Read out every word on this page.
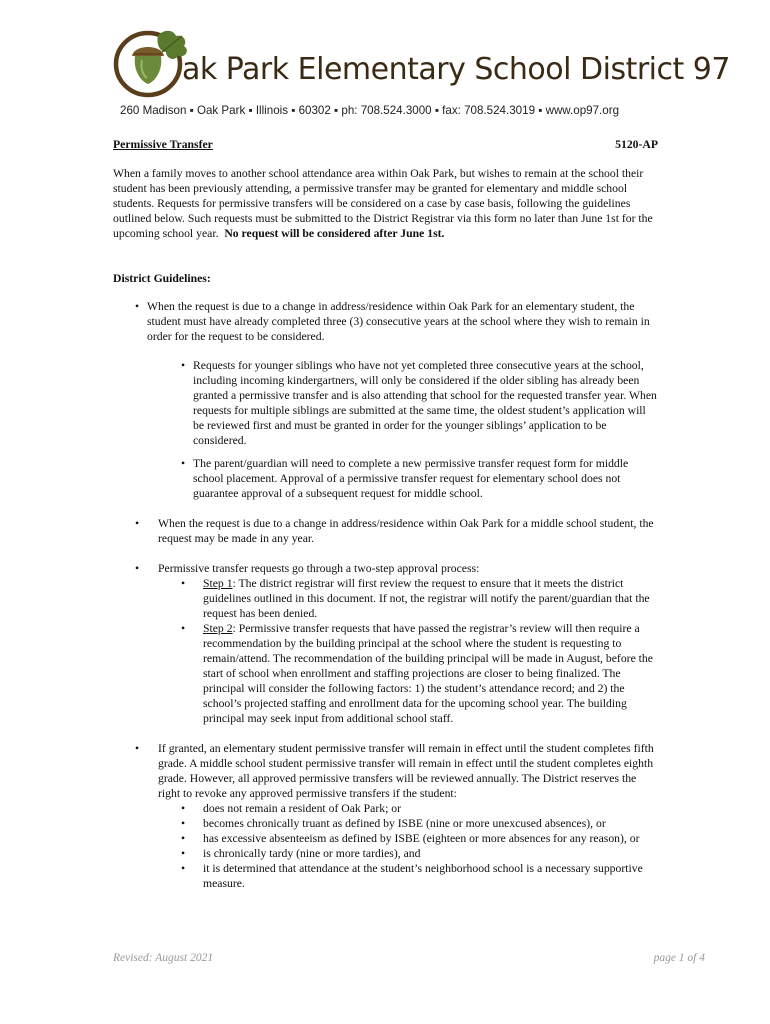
ak Park Elementary School District 97
260 Madison ▪ Oak Park ▪ Illinois ▪ 60302 ▪ ph: 708.524.3000 ▪ fax: 708.524.3019 ▪ www.op97.org
Permissive Transfer	5120-AP

When a family moves to another school attendance area within Oak Park, but wishes to remain at the school their student has been previously attending, a permissive transfer may be granted for elementary and middle school students. Requests for permissive transfers will be considered on a case by case basis, following the guidelines outlined below. Such requests must be submitted to the District Registrar via this form no later than June 1st for the upcoming school year. No request will be considered after June 1st.

District Guidelines:

• When the request is due to a change in address/residence within Oak Park for an elementary student, the student must have already completed three (3) consecutive years at the school where they wish to remain in order for the request to be considered.
• Requests for younger siblings who have not yet completed three consecutive years at the school, including incoming kindergartners, will only be considered if the older sibling has already been granted a permissive transfer and is also attending that school for the requested transfer year. When requests for multiple siblings are submitted at the same time, the oldest student’s application will be reviewed first and must be granted in order for the younger siblings’ application to be considered.
• The parent/guardian will need to complete a new permissive transfer request form for middle school placement. Approval of a permissive transfer request for elementary school does not guarantee approval of a subsequent request for middle school.
• When the request is due to a change in address/residence within Oak Park for a middle school student, the request may be made in any year.
• Permissive transfer requests go through a two-step approval process:
• Step 1: The district registrar will first review the request to ensure that it meets the district guidelines outlined in this document. If not, the registrar will notify the parent/guardian that the request has been denied.
• Step 2: Permissive transfer requests that have passed the registrar’s review will then require a recommendation by the building principal at the school where the student is requesting to remain/attend. The recommendation of the building principal will be made in August, before the start of school when enrollment and staffing projections are closer to being finalized. The principal will consider the following factors: 1) the student’s attendance record; and 2) the school’s projected staffing and enrollment data for the upcoming school year. The building principal may seek input from additional school staff.
• If granted, an elementary student permissive transfer will remain in effect until the student completes fifth grade. A middle school student permissive transfer will remain in effect until the student completes eighth grade. However, all approved permissive transfers will be reviewed annually. The District reserves the right to revoke any approved permissive transfers if the student:
• does not remain a resident of Oak Park; or
• becomes chronically truant as defined by ISBE (nine or more unexcused absences), or
• has excessive absenteeism as defined by ISBE (eighteen or more absences for any reason), or
• is chronically tardy (nine or more tardies), and
• it is determined that attendance at the student’s neighborhood school is a necessary supportive measure.
Revised: August 2021	page 1 of 4
